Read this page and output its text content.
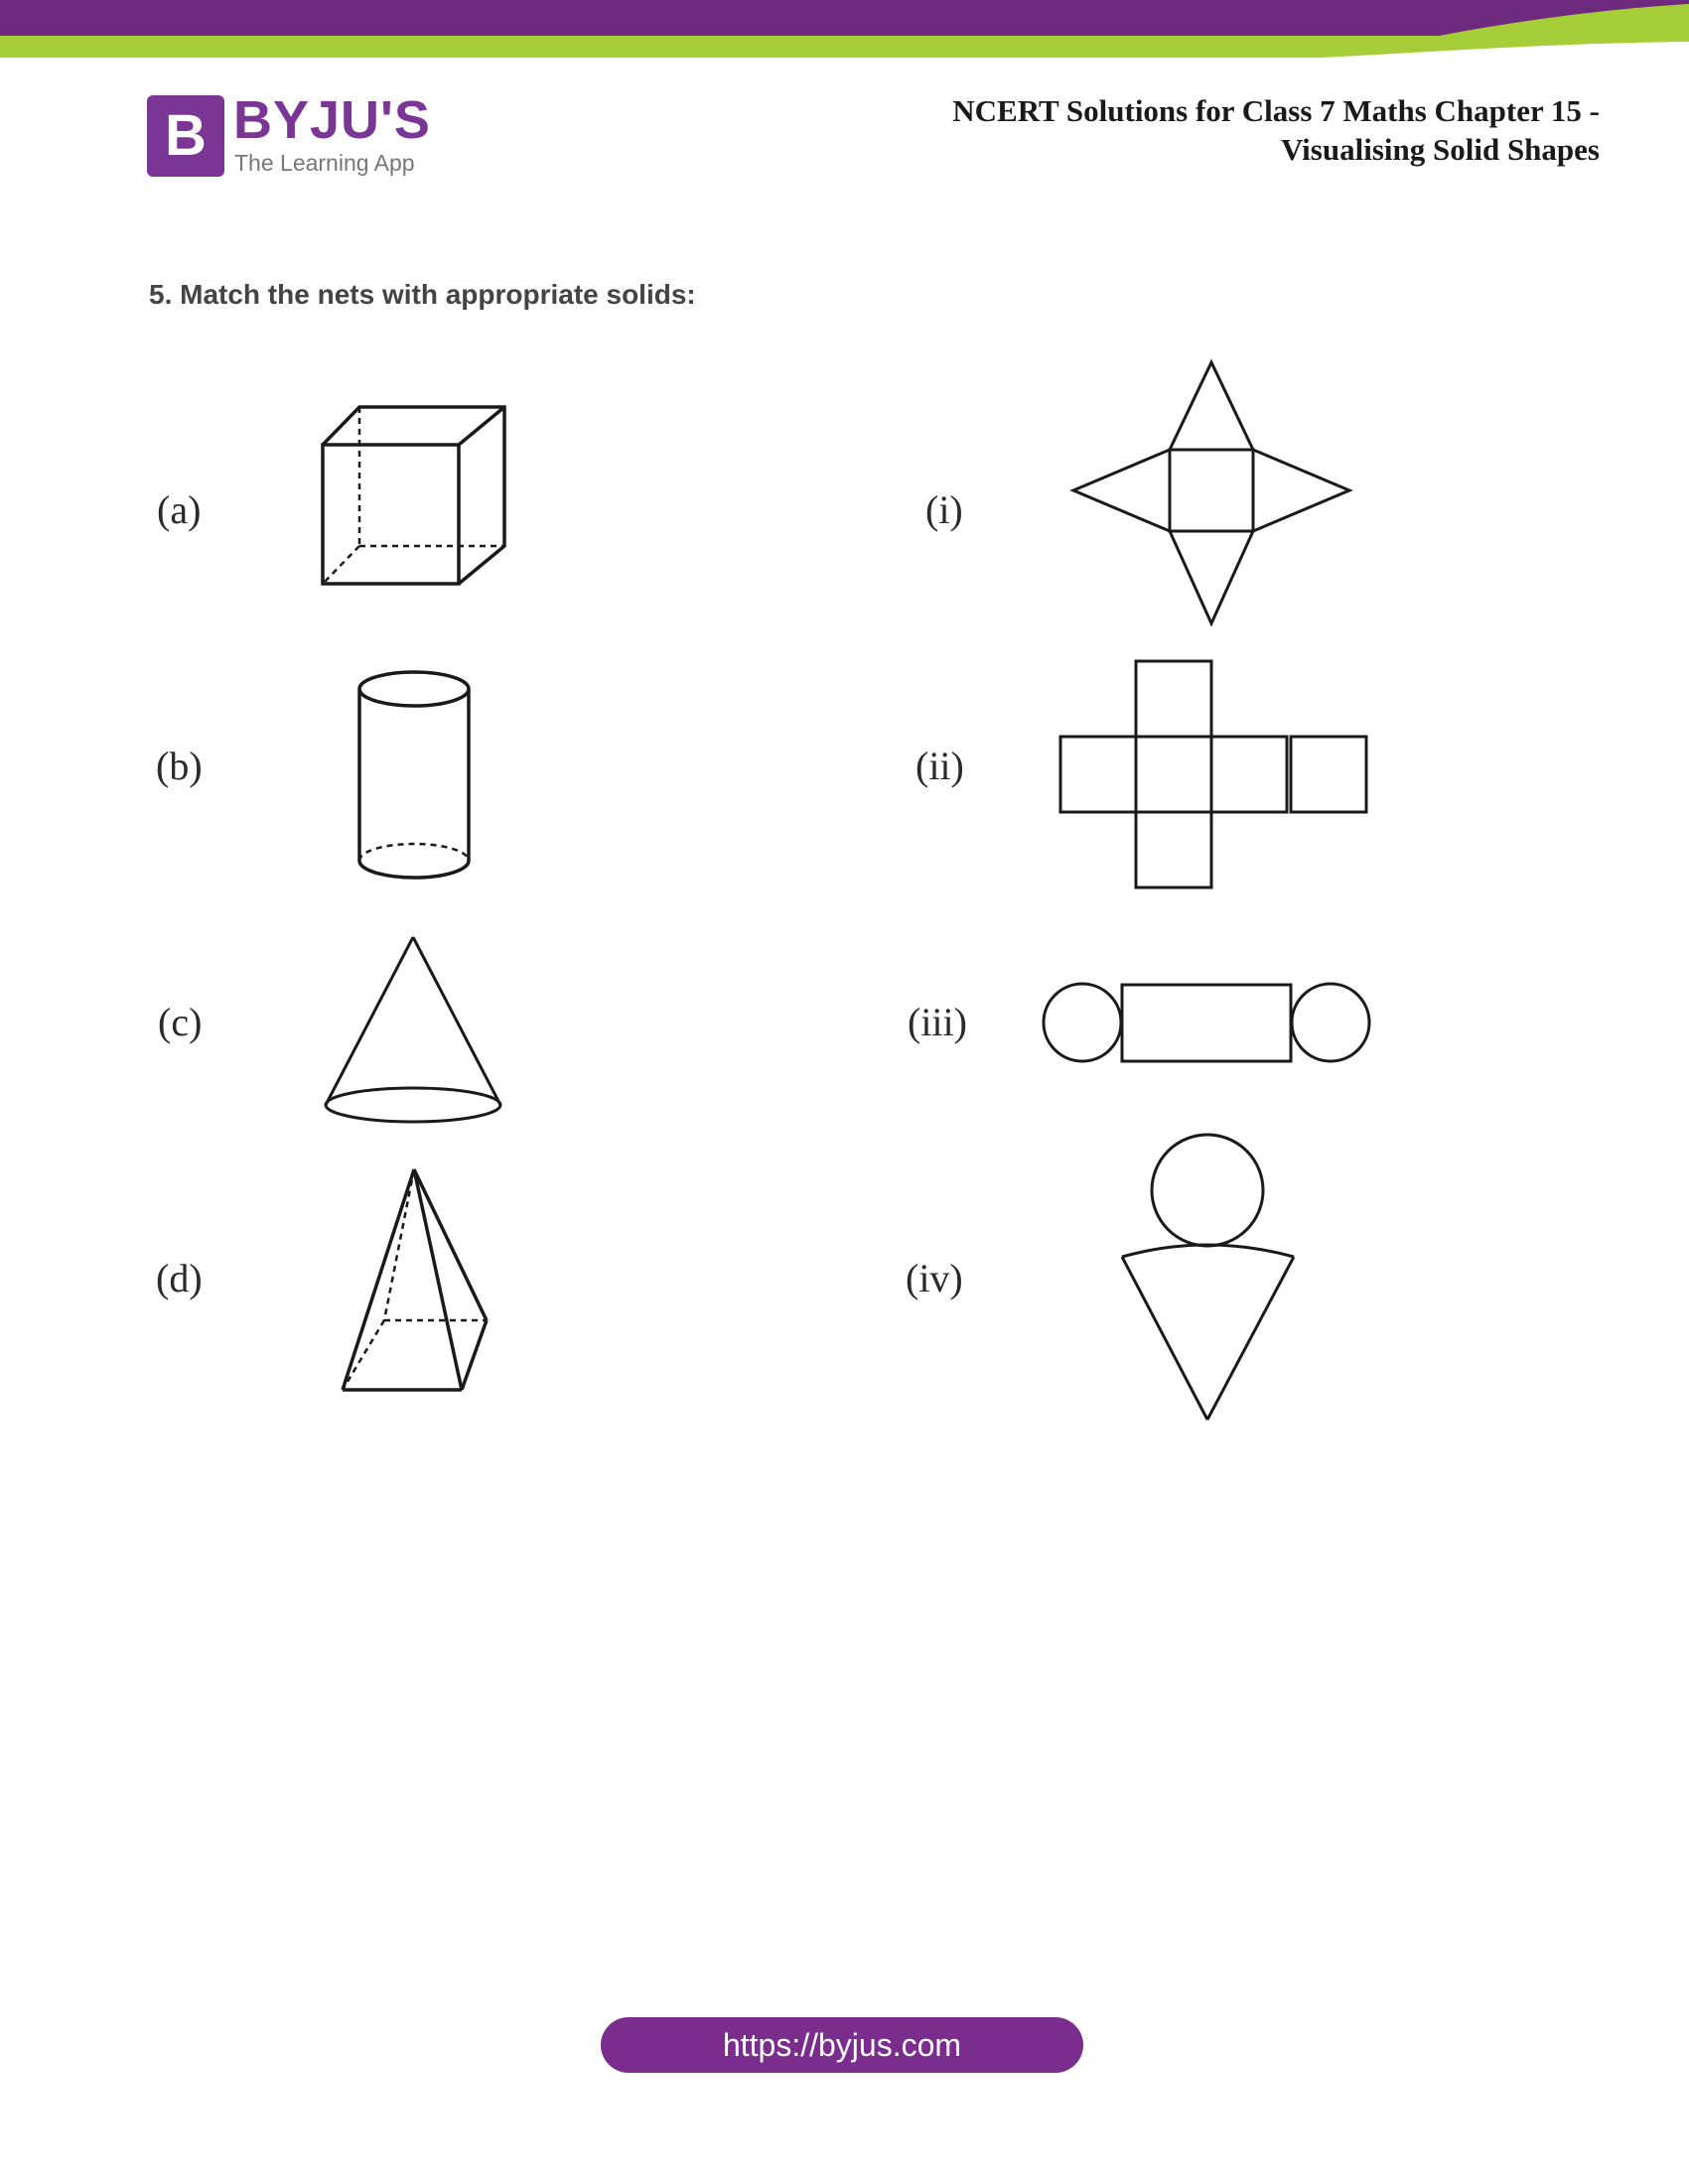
B BYJU'S
The Learning App
NCERT Solutions for Class 7 Maths Chapter 15 -
Visualising Solid Shapes
5. Match the nets with appropriate solids:
(a)
(b)
(c)
(d)
(i)
(ii)
(iii)
(iv)
https://byjus.com
